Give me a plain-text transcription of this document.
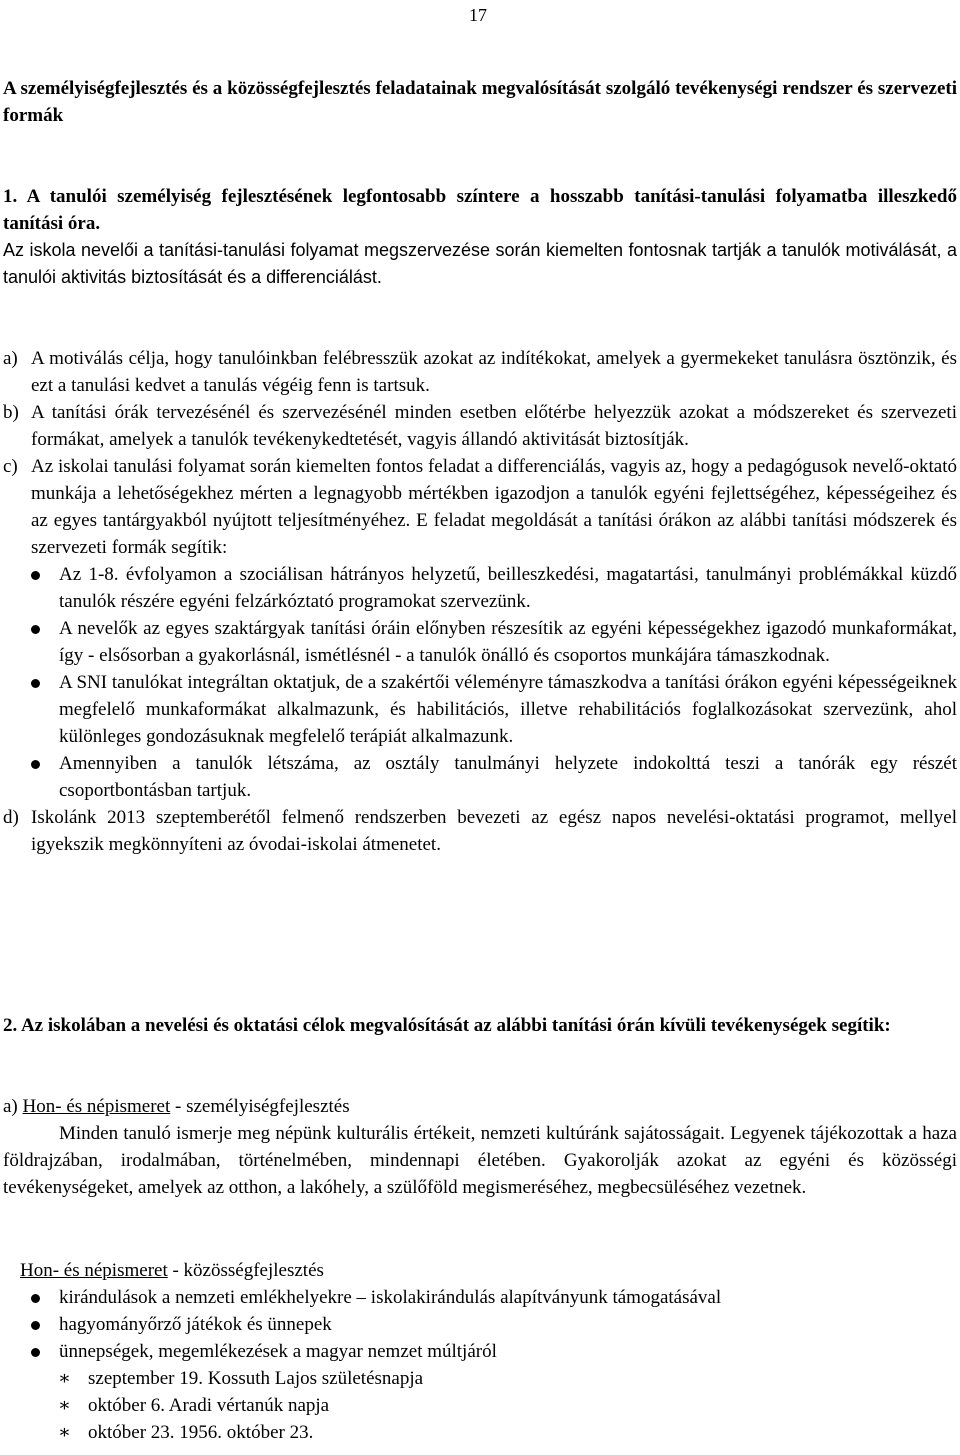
17

A személyiségfejlesztés és a közösségfejlesztés feladatainak megvalósítását szolgáló tevékenységi rendszer és szervezeti formák

1. A tanulói személyiség fejlesztésének legfontosabb színtere a hosszabb tanítási-tanulási folyamatba illeszkedő tanítási óra.

Az iskola nevelői a tanítási-tanulási folyamat megszervezése során kiemelten fontosnak tartják a tanulók motiválását, a tanulói aktivitás biztosítását és a differenciálást.

a) A motiválás célja, hogy tanulóinkban felébresszük azokat az indítékokat, amelyek a gyermekeket tanulásra ösztönzik, és ezt a tanulási kedvet a tanulás végéig fenn is tartsuk.

b) A tanítási órák tervezésénél és szervezésénél minden esetben előtérbe helyezzük azokat a módszereket és szervezeti formákat, amelyek a tanulók tevékenykedtetését, vagyis állandó aktivitását biztosítják.

c) Az iskolai tanulási folyamat során kiemelten fontos feladat a differenciálás, vagyis az, hogy a pedagógusok nevelő-oktató munkája a lehetőségekhez mérten a legnagyobb mértékben igazodjon a tanulók egyéni fejlettségéhez, képességeihez és az egyes tantárgyakból nyújtott teljesítményéhez. E feladat megoldását a tanítási órákon az alábbi tanítási módszerek és szervezeti formák segítik:

Az 1-8. évfolyamon a szociálisan hátrányos helyzetű, beilleszkedési, magatartási, tanulmányi problémákkal küzdő tanulók részére egyéni felzárkóztató programokat szervezünk.
A nevelők az egyes szaktárgyak tanítási óráin előnyben részesítik az egyéni képességekhez igazodó munkaformákat, így - elsősorban a gyakorlásnál, ismétlésnél - a tanulók önálló és csoportos munkájára támaszkodnak.
A SNI tanulókat integráltan oktatjuk, de a szakértői véleményre támaszkodva a tanítási órákon egyéni képességeiknek megfelelő munkaformákat alkalmazunk, és habilitációs, illetve rehabilitációs foglalkozásokat szervezünk, ahol különleges gondozásuknak megfelelő terápiát alkalmazunk.
Amennyiben a tanulók létszáma, az osztály tanulmányi helyzete indokolttá teszi a tanórák egy részét csoportbontásban tartjuk.
d) Iskolánk 2013 szeptemberétől felmenő rendszerben bevezeti az egész napos nevelési-oktatási programot, mellyel igyekszik megkönnyíteni az óvodai-iskolai átmenetet.

2. Az iskolában a nevelési és oktatási célok megvalósítását az alábbi tanítási órán kívüli tevékenységek segítik:

a) Hon- és népismeret - személyiségfejlesztés

Minden tanuló ismerje meg népünk kulturális értékeit, nemzeti kultúránk sajátosságait. Legyenek tájékozottak a haza földrajzában, irodalmában, történelmében, mindennapi életében. Gyakorolják azokat az egyéni és közösségi tevékenységeket, amelyek az otthon, a lakóhely, a szülőföld megismeréséhez, megbecsüléséhez vezetnek.

Hon- és népismeret - közösségfejlesztés
kirándulások a nemzeti emlékhelyekre – iskolakirándulás alapítványunk támogatásával
hagyományőrző játékok és ünnepek
ünnepségek, megemlékezések a magyar nemzet múltjáról
∗ szeptember 19. Kossuth Lajos születésnapja
∗ október 6. Aradi vértanúk napja
∗ október 23. 1956. október 23.
